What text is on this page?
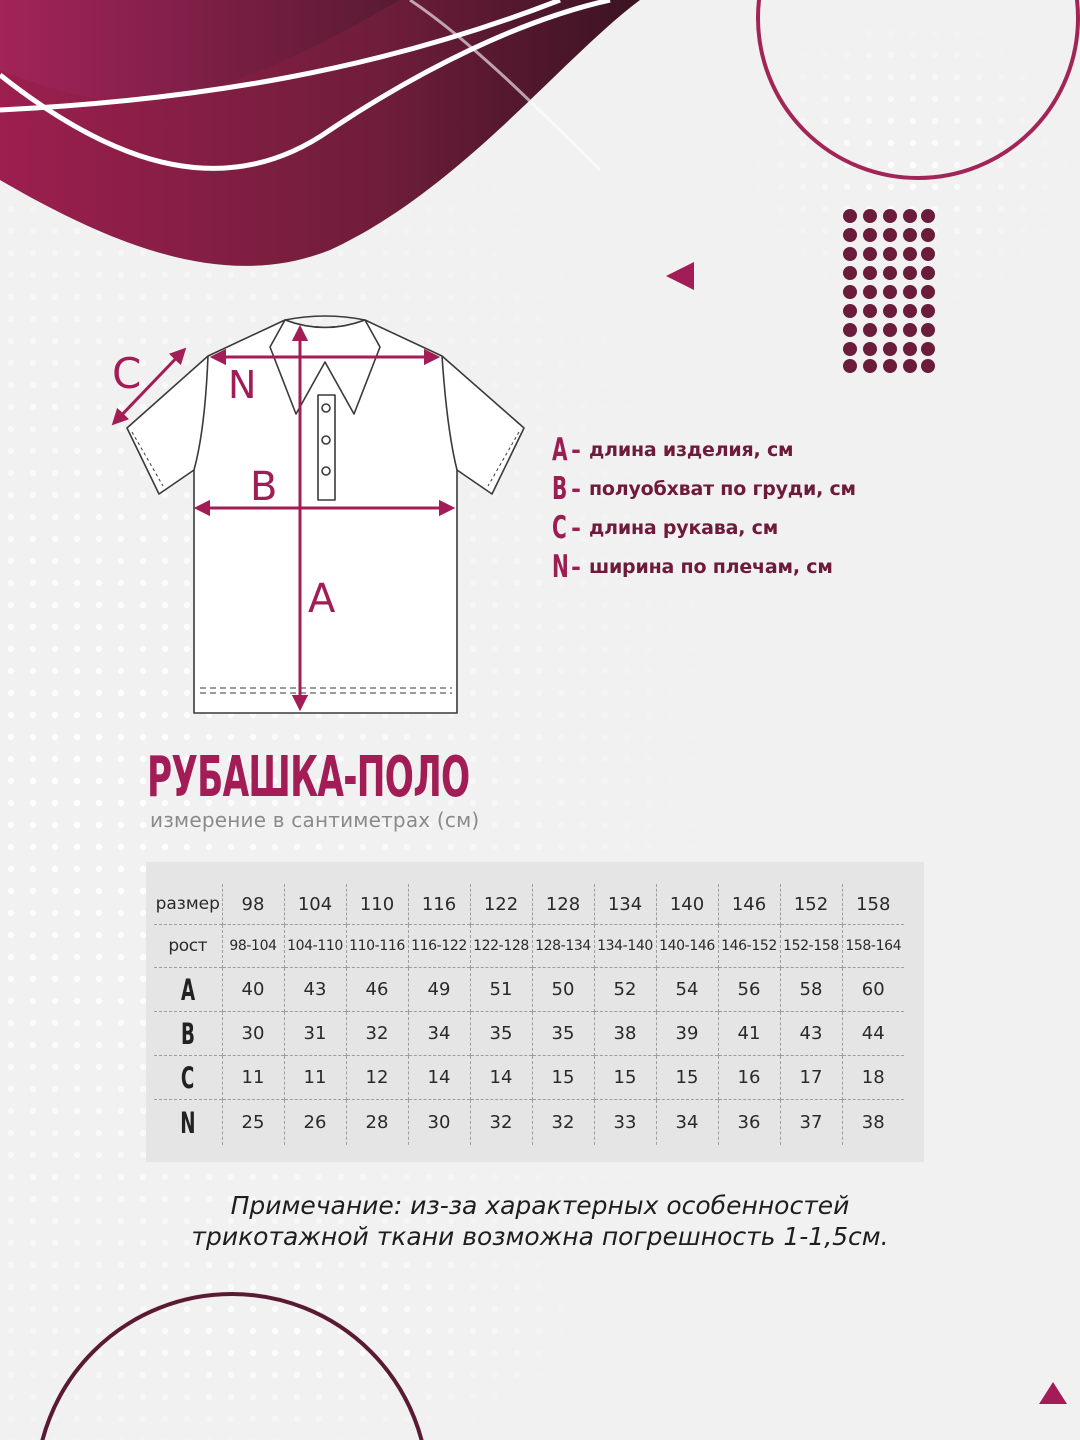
N
B
A
C
A - длина изделия, см
B - полуобхват по груди, см
C - длина рукава, см
N - ширина по плечам, см
РУБАШКА-ПОЛО
измерение в сантиметрах (см)
размер	98	104	110	116	122	128	134	140	146	152	158
рост	98-104	104-110	110-116	116-122	122-128	128-134	134-140	140-146	146-152	152-158	158-164
A	40	43	46	49	51	50	52	54	56	58	60
B	30	31	32	34	35	35	38	39	41	43	44
C	11	11	12	14	14	15	15	15	16	17	18
N	25	26	28	30	32	32	33	34	36	37	38
Примечание: из-за характерных особенностей
трикотажной ткани возможна погрешность 1-1,5см.
